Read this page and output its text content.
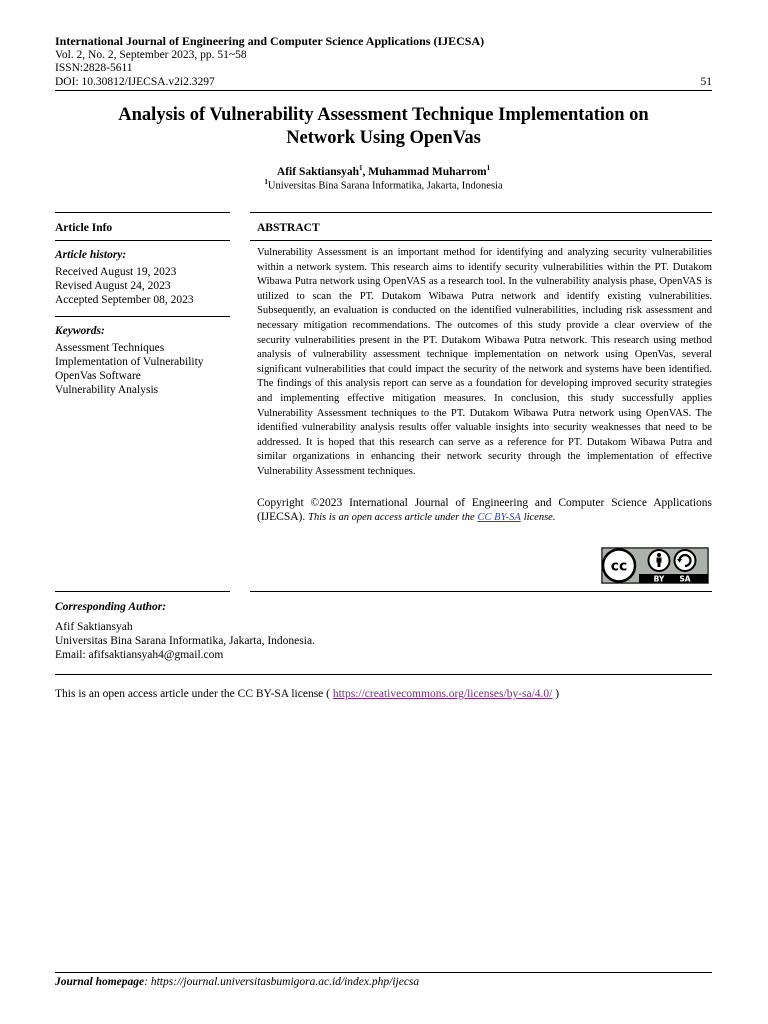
International Journal of Engineering and Computer Science Applications (IJECSA)
Vol. 2, No. 2, September 2023, pp. 51~58
ISSN:2828-5611
DOI: 10.30812/IJECSA.v2i2.3297	51
Analysis of Vulnerability Assessment Technique Implementation on
Network Using OpenVas
Afif Saktiansyah$^1$, Muhammad Muharrom$^1$
$^1$Universitas Bina Sarana Informatika, Jakarta, Indonesia
Article Info
Article history:
Received August 19, 2023
Revised August 24, 2023
Accepted September 08, 2023
Keywords:
Assessment Techniques
Implementation of Vulnerability
OpenVas Software
Vulnerability Analysis
ABSTRACT
Vulnerability Assessment is an important method for identifying and analyzing security vulnerabilities within a network system. This research aims to identify security vulnerabilities within the PT. Dutakom Wibawa Putra network using OpenVAS as a research tool. In the vulnerability analysis phase, OpenVAS is utilized to scan the PT. Dutakom Wibawa Putra network and identify existing vulnerabilities. Subsequently, an evaluation is conducted on the identified vulnerabilities, including risk assessment and necessary mitigation recommendations. The outcomes of this study provide a clear overview of the security vulnerabilities present in the PT. Dutakom Wibawa Putra network. This research using method analysis of vulnerability assessment technique implementation on network using OpenVas, several significant vulnerabilities that could impact the security of the network and systems have been identified. The findings of this analysis report can serve as a foundation for developing improved security strategies and implementing effective mitigation measures. In conclusion, this study successfully applies Vulnerability Assessment techniques to the PT. Dutakom Wibawa Putra network using OpenVAS. The identified vulnerability analysis results offer valuable insights into security weaknesses that need to be addressed. It is hoped that this research can serve as a reference for PT. Dutakom Wibawa Putra and similar organizations in enhancing their network security through the implementation of effective Vulnerability Assessment techniques.
Copyright ©2023 International Journal of Engineering and Computer Science Applications (IJECSA). This is an open access article under the CC BY-SA license.
cc
BY SA
Corresponding Author:
Afif Saktiansyah
Universitas Bina Sarana Informatika, Jakarta, Indonesia.
Email: afifsaktiansyah4@gmail.com
This is an open access article under the CC BY-SA license ( https://creativecommons.org/licenses/by-sa/4.0/ )
Journal homepage: https://journal.universitasbumigora.ac.id/index.php/ijecsa
